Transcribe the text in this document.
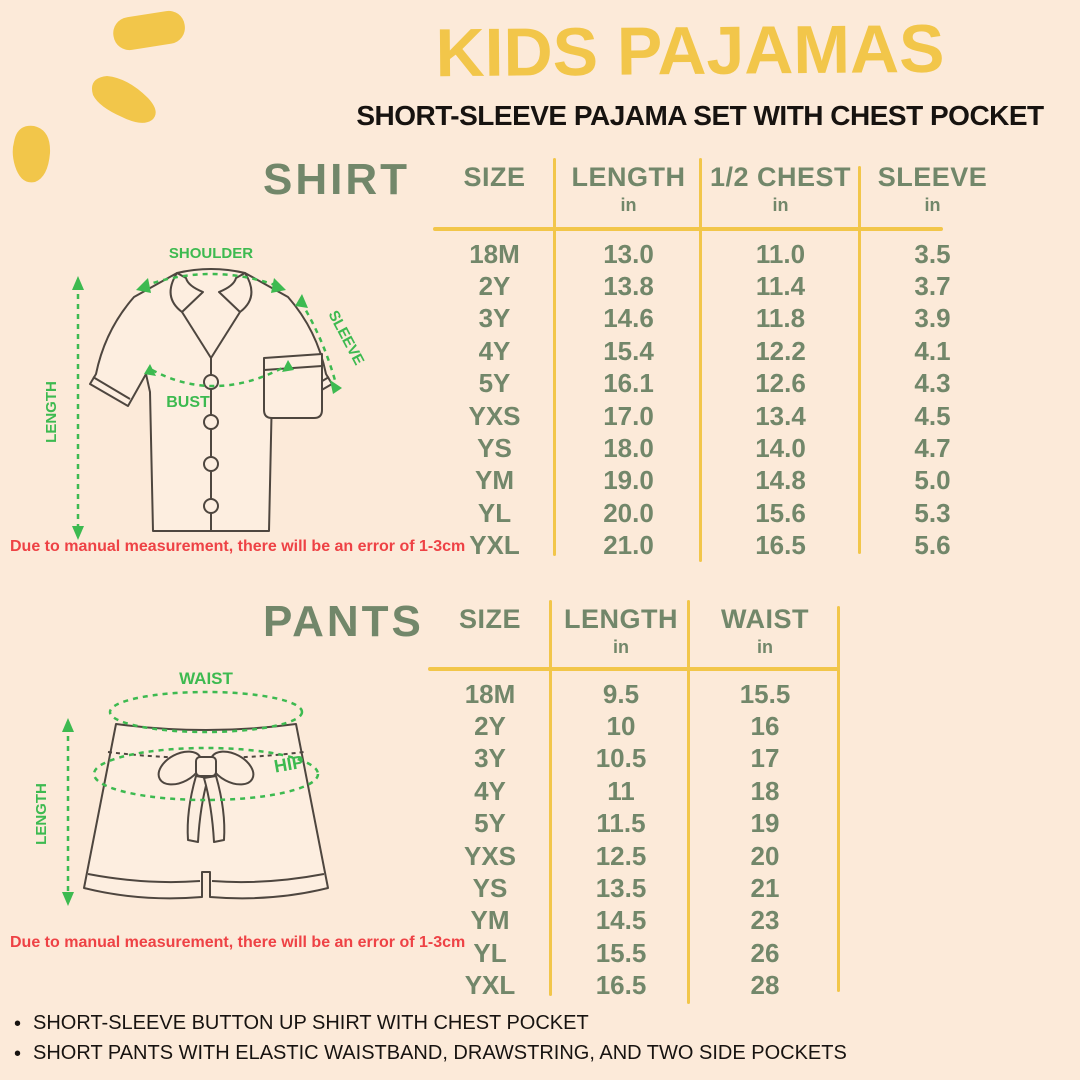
KIDS PAJAMAS
SHORT-SLEEVE PAJAMA SET WITH CHEST POCKET
SHIRT SIZE LENGTH
in
1/2 CHEST
in
SLEEVE
in
18M	13.0	11.0	3.5
2Y	13.8	11.4	3.7
3Y	14.6	11.8	3.9
4Y	15.4	12.2	4.1
5Y	16.1	12.6	4.3
YXS	17.0	13.4	4.5
YS	18.0	14.0	4.7
YM	19.0	14.8	5.0
YL	20.0	15.6	5.3
YXL	21.0	16.5	5.6
SHOULDER
SLEEVE
LENGTH	BUST
Due to manual measurement, there will be an error of 1-3cm
PANTS SIZE LENGTH
in
WAIST
in
18M	9.5	15.5
2Y	10	16
3Y	10.5	17
4Y	11	18
5Y	11.5	19
YXS	12.5	20
YS	13.5	21
YM	14.5	23
YL	15.5	26
YXL	16.5	28
WAIST
HIP
LENGTH
Due to manual measurement, there will be an error of 1-3cm
• SHORT-SLEEVE BUTTON UP SHIRT WITH CHEST POCKET
• SHORT PANTS WITH ELASTIC WAISTBAND, DRAWSTRING, AND TWO SIDE POCKETS
